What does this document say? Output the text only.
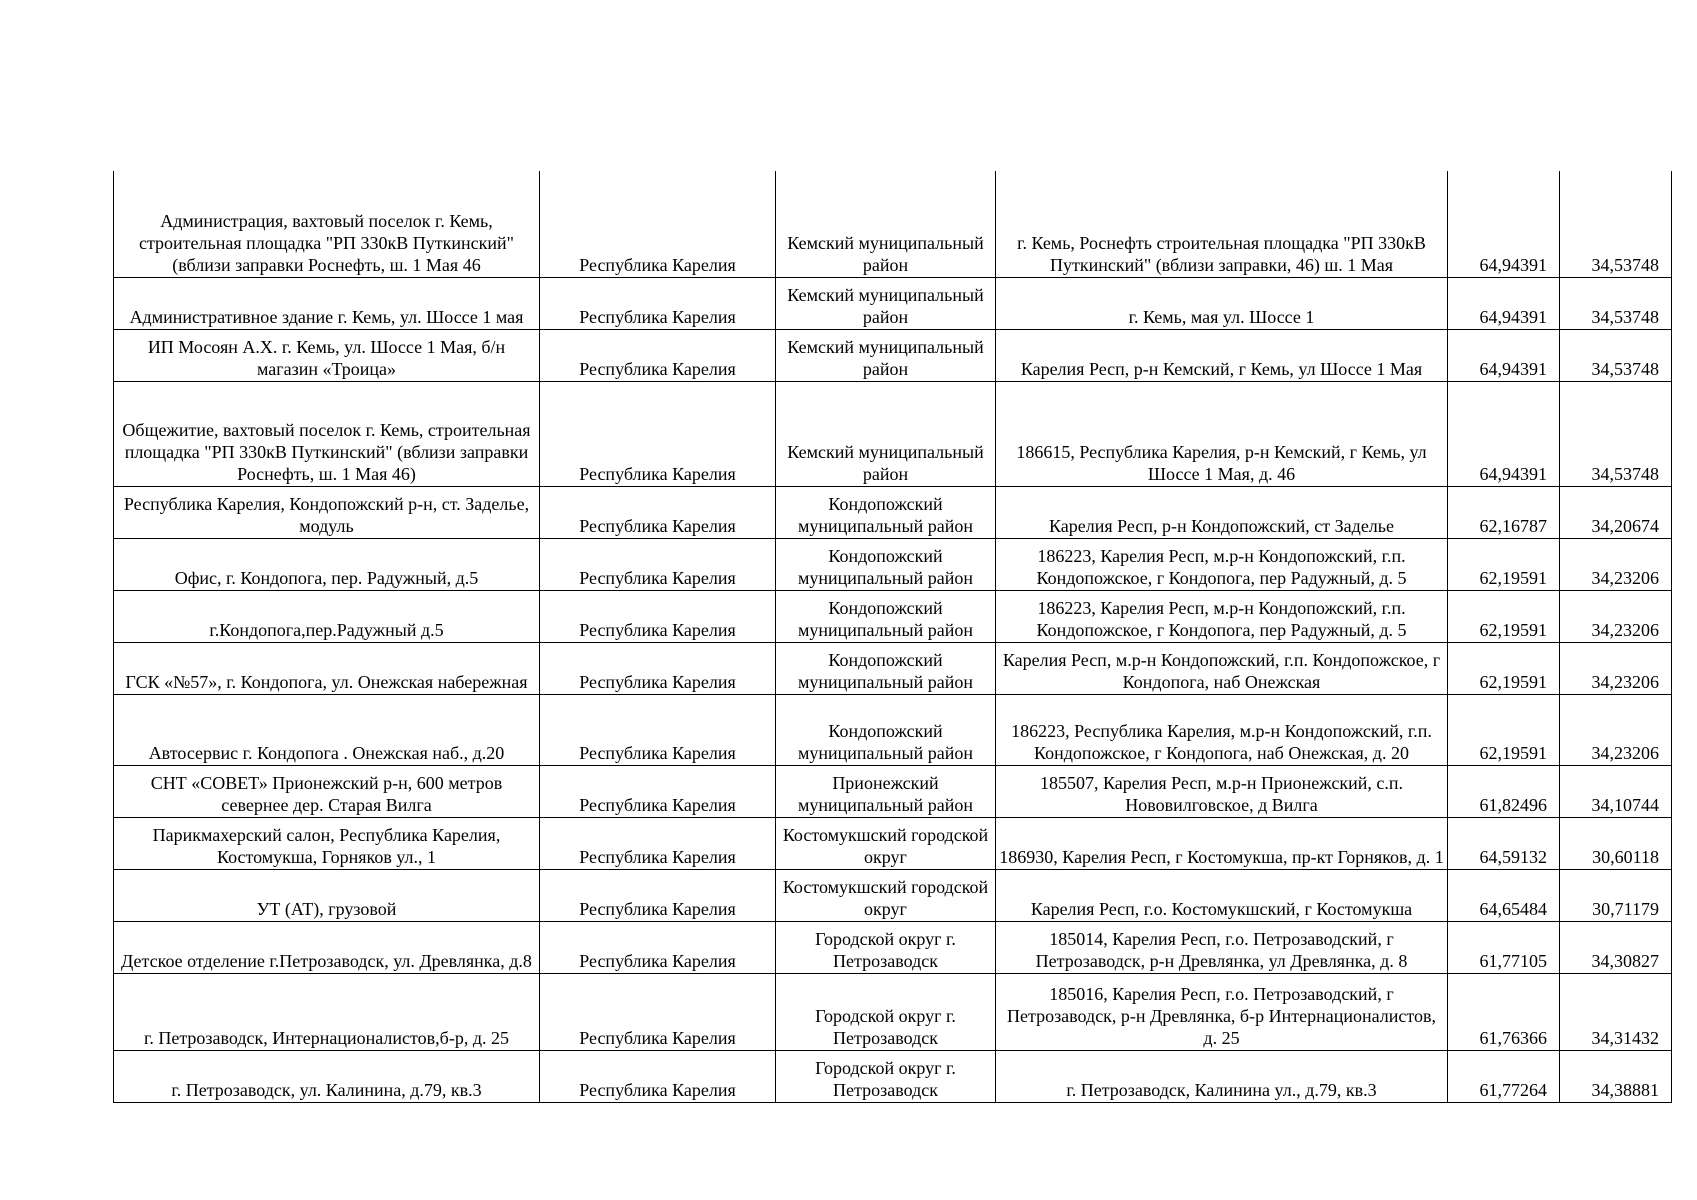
Администрация, вахтовый поселок г. Кемь, строительная площадка "РП 330кВ Путкинский" (вблизи заправки Роснефть, ш. 1 Мая 46	Республика Карелия	Кемский муниципальный район	г. Кемь, Роснефть строительная площадка "РП 330кВ Путкинский" (вблизи заправки, 46) ш. 1 Мая	64,94391	34,53748
Административное здание г. Кемь, ул. Шоссе 1 мая	Республика Карелия	Кемский муниципальный район	г. Кемь, мая ул. Шоссе 1	64,94391	34,53748
ИП Мосоян А.Х. г. Кемь, ул. Шоссе 1 Мая, б/н магазин «Троица»	Республика Карелия	Кемский муниципальный район	Карелия Респ, р-н Кемский, г Кемь, ул Шоссе 1 Мая	64,94391	34,53748
Общежитие, вахтовый поселок г. Кемь, строительная площадка "РП 330кВ Путкинский" (вблизи заправки Роснефть, ш. 1 Мая 46)	Республика Карелия	Кемский муниципальный район	186615, Республика Карелия, р-н Кемский, г Кемь, ул Шоссе 1 Мая, д. 46	64,94391	34,53748
Республика Карелия, Кондопожский р-н, ст. Заделье, модуль	Республика Карелия	Кондопожский муниципальный район	Карелия Респ, р-н Кондопожский, ст Заделье	62,16787	34,20674
Офис, г. Кондопога, пер. Радужный, д.5	Республика Карелия	Кондопожский муниципальный район	186223, Карелия Респ, м.р-н Кондопожский, г.п. Кондопожское, г Кондопога, пер Радужный, д. 5	62,19591	34,23206
г.Кондопога,пер.Радужный д.5	Республика Карелия	Кондопожский муниципальный район	186223, Карелия Респ, м.р-н Кондопожский, г.п. Кондопожское, г Кондопога, пер Радужный, д. 5	62,19591	34,23206
ГСК «№57», г. Кондопога, ул. Онежская набережная	Республика Карелия	Кондопожский муниципальный район	Карелия Респ, м.р-н Кондопожский, г.п. Кондопожское, г Кондопога, наб Онежская	62,19591	34,23206
Автосервис г. Кондопога . Онежская наб., д.20	Республика Карелия	Кондопожский муниципальный район	186223, Республика Карелия, м.р-н Кондопожский, г.п. Кондопожское, г Кондопога, наб Онежская, д. 20	62,19591	34,23206
СНТ «СОВЕТ» Прионежский р-н, 600 метров севернее дер. Старая Вилга	Республика Карелия	Прионежский муниципальный район	185507, Карелия Респ, м.р-н Прионежский, с.п. Нововилговское, д Вилга	61,82496	34,10744
Парикмахерский салон, Республика Карелия, Костомукша, Горняков ул., 1	Республика Карелия	Костомукшский городской округ	186930, Карелия Респ, г Костомукша, пр-кт Горняков, д. 1	64,59132	30,60118
УТ (АТ), грузовой	Республика Карелия	Костомукшский городской округ	Карелия Респ, г.о. Костомукшский, г Костомукша	64,65484	30,71179
Детское отделение г.Петрозаводск, ул. Древлянка, д.8	Республика Карелия	Городской округ г. Петрозаводск	185014, Карелия Респ, г.о. Петрозаводский, г Петрозаводск, р-н Древлянка, ул Древлянка, д. 8	61,77105	34,30827
г. Петрозаводск, Интернационалистов,б-р, д. 25	Республика Карелия	Городской округ г. Петрозаводск	185016, Карелия Респ, г.о. Петрозаводский, г Петрозаводск, р-н Древлянка, б-р Интернационалистов, д. 25	61,76366	34,31432
г. Петрозаводск, ул. Калинина, д.79, кв.3	Республика Карелия	Городской округ г. Петрозаводск	г. Петрозаводск, Калинина ул., д.79, кв.3	61,77264	34,38881
